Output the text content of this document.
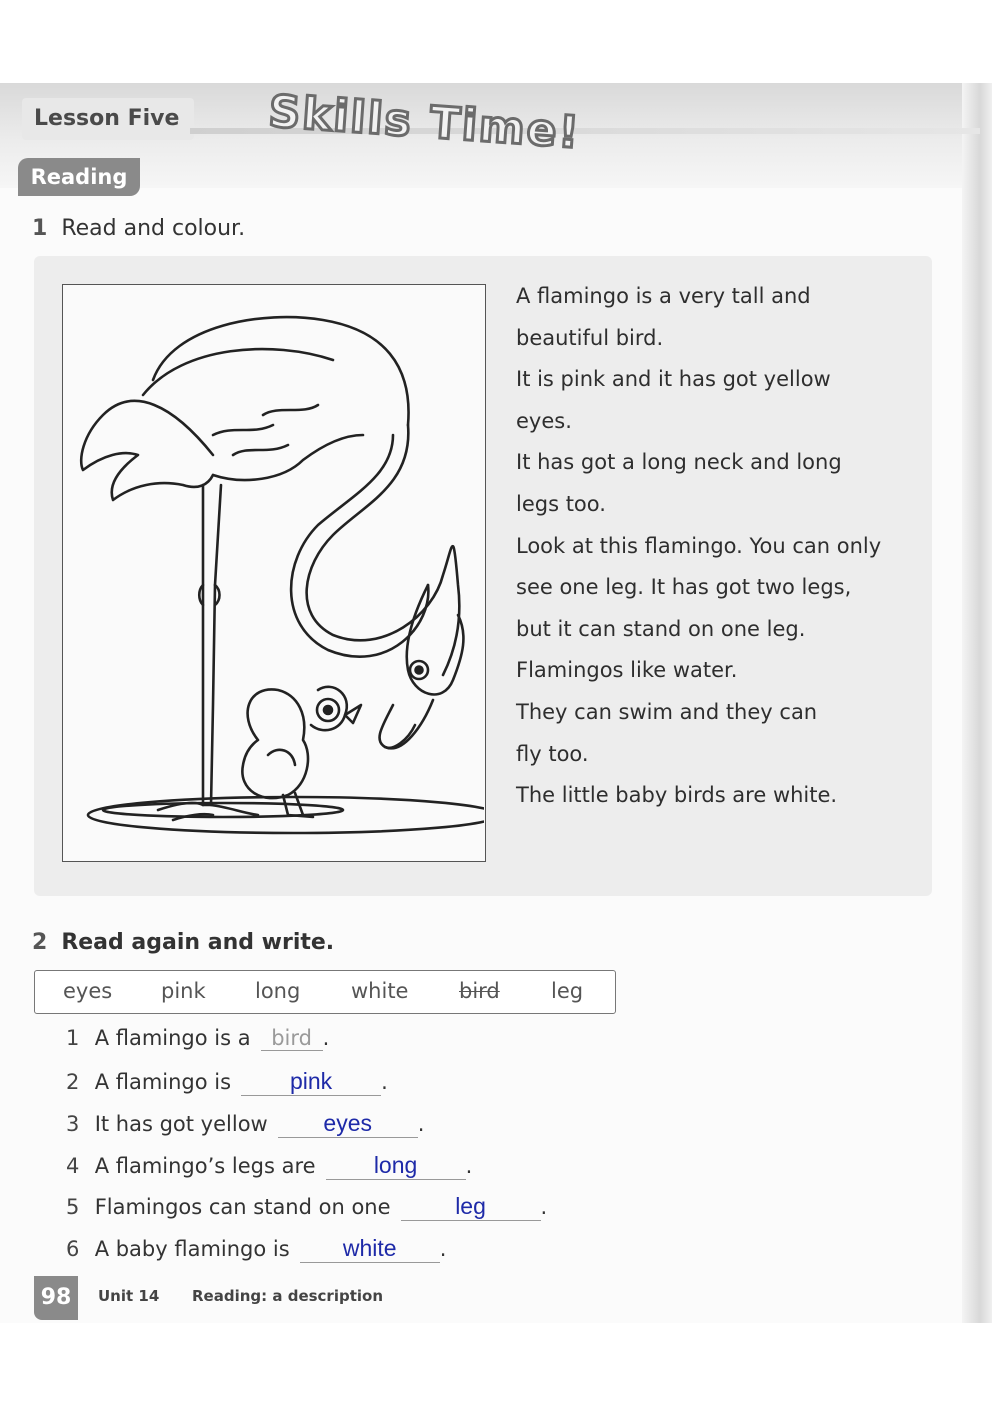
Lesson Five	Skills Time!
Reading
1 Read and colour.
A flamingo is a very tall and
beautiful bird.
It is pink and it has got yellow
eyes.
It has got a long neck and long
legs too.
Look at this flamingo. You can only
see one leg. It has got two legs,
but it can stand on one leg.
Flamingos like water.
They can swim and they can
fly too.
The little baby birds are white.
2 Read again and write.
eyes pink long white bird leg
1 A flamingo is a bird .
2 A flamingo is	pink .
3 It has got yellow eyes .
4 A flamingo’s legs are	long .
5 Flamingos can stand on one	leg	.
6 A baby flamingo is white .
98	Unit 14 Reading: a description
